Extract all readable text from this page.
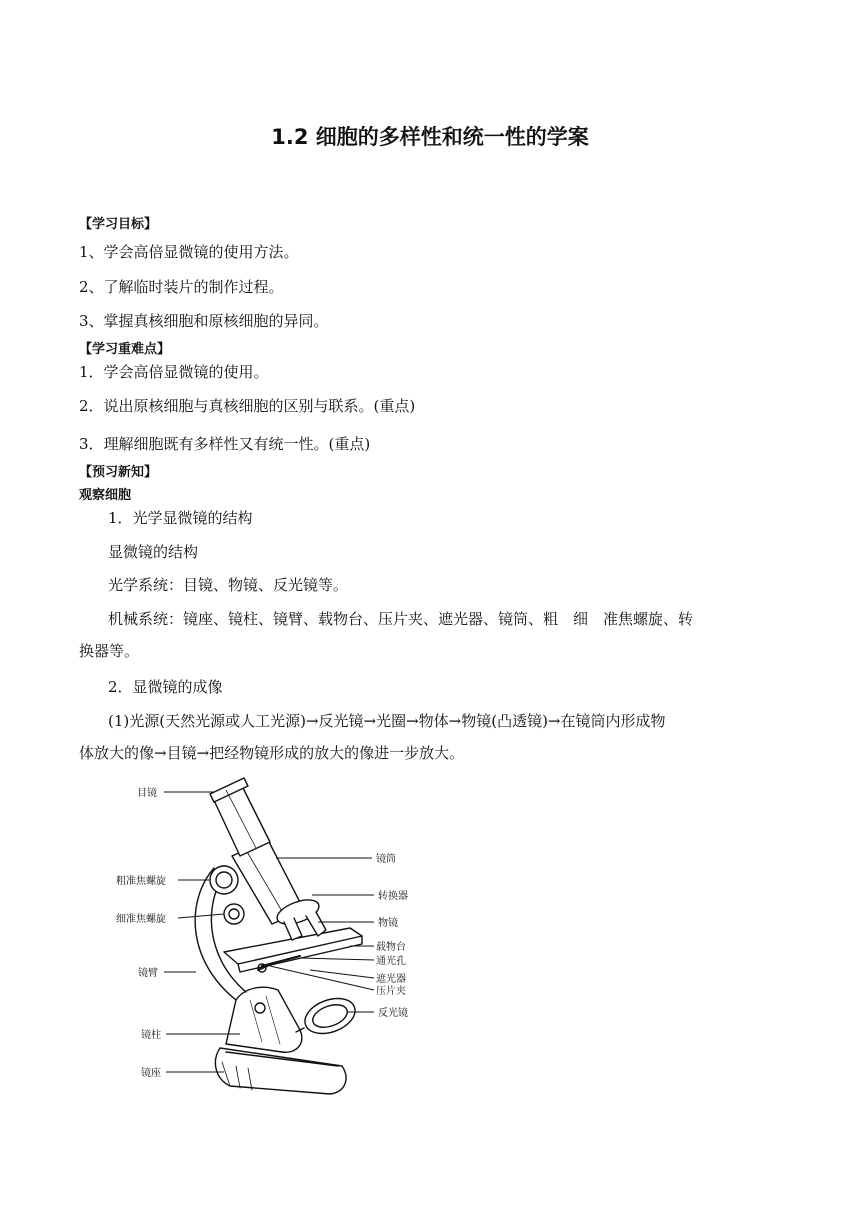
1.2 细胞的多样性和统一性的学案
【学习目标】
1、学会高倍显微镜的使用方法。
2、了解临时装片的制作过程。
3、掌握真核细胞和原核细胞的异同。
【学习重难点】
1．学会高倍显微镜的使用。
2．说出原核细胞与真核细胞的区别与联系。(重点)
3．理解细胞既有多样性又有统一性。(重点)
【预习新知】
观察细胞
1．光学显微镜的结构
显微镜的结构
光学系统：目镜、物镜、反光镜等。
机械系统：镜座、镜柱、镜臂、载物台、压片夹、遮光器、镜筒、粗　细　准焦螺旋、转
换器等。
2．显微镜的成像
(1)光源(天然光源或人工光源)→反光镜→光圈→物体→物镜(凸透镜)→在镜筒内形成物
体放大的像→目镜→把经物镜形成的放大的像进一步放大。
目镜
粗准焦螺旋
细准焦螺旋
镜臂
镜柱
镜座
镜筒
转换器
物镜
载物台
通光孔
遮光器
压片夹
反光镜
